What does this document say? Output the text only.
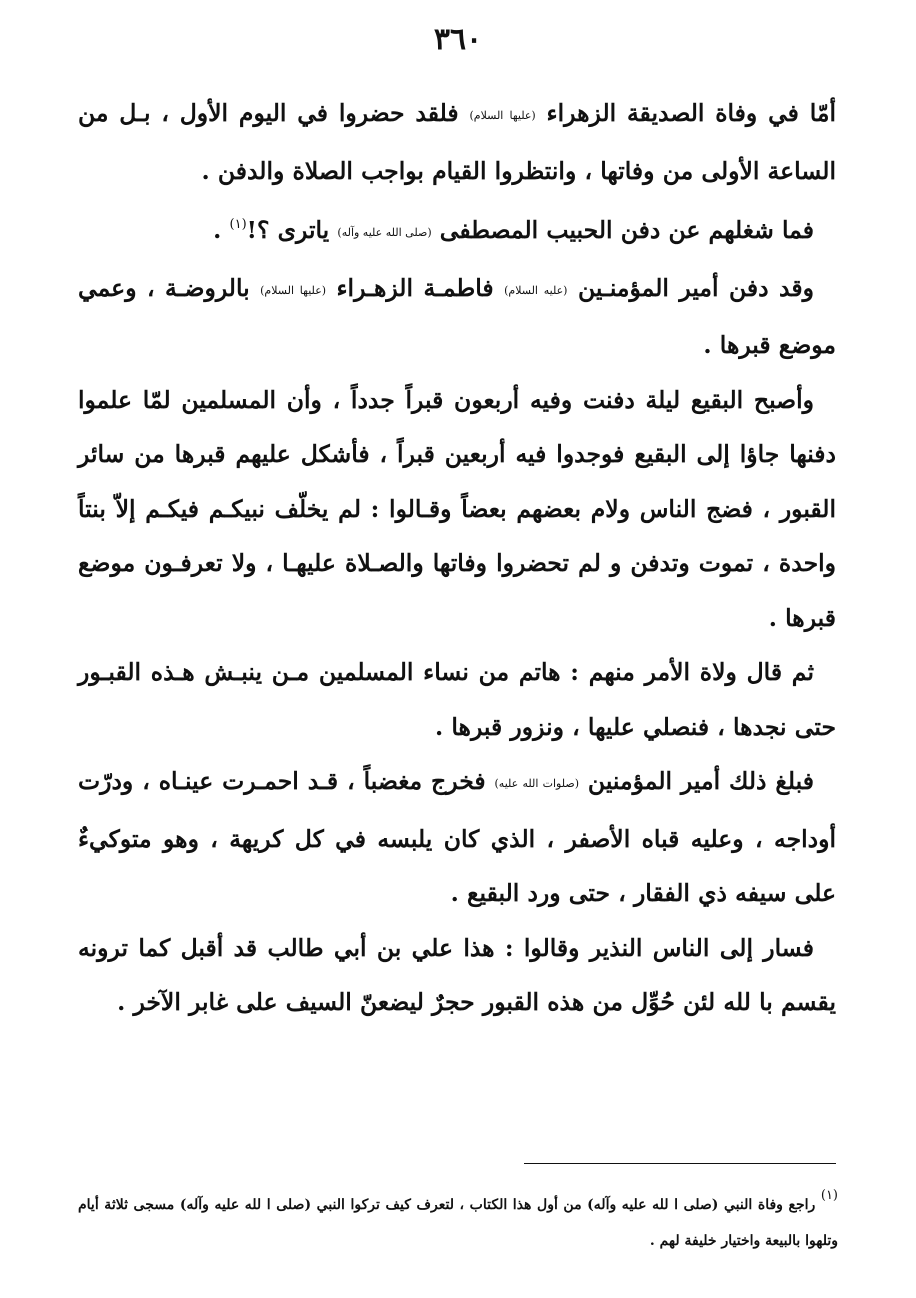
٣٦٠

أمّا في وفاة الصديقة الزهراء (عليها السلام) فلقد حضروا في اليوم الأول ، بـل من الساعة الأولى من وفاتها ، وانتظروا القيام بواجب الصلاة والدفن .

فما شغلهم عن دفن الحبيب المصطفى (صلى الله عليه وآله) ياترى ؟!$^{(١)}$ .

وقد دفن أمير المؤمنـين (عليه السلام) فاطمـة الزهـراء (عليها السلام) بالروضـة ، وعمي موضع قبرها .

وأصبح البقيع ليلة دفنت وفيه أربعون قبراً جدداً ، وأن المسلمين لمّا علموا دفنها جاؤا إلى البقيع فوجدوا فيه أربعين قبراً ، فأشكل عليهم قبرها من سائر القبور ، فضج الناس ولام بعضهم بعضاً وقـالوا : لم يخلّف نبيكـم فيكـم إلاّ بنتاً واحدة ، تموت وتدفن و لم تحضروا وفاتها والصـلاة عليهـا ، ولا تعرفـون موضع قبرها .

ثم قال ولاة الأمر منهم : هاتم من نساء المسلمين مـن ينبـش هـذه القبـور حتى نجدها ، فنصلي عليها ، ونزور قبرها .

فبلغ ذلك أمير المؤمنين (صلوات الله عليه) فخرج مغضباً ، قـد احمـرت عينـاه ، ودرّت أوداجه ، وعليه قباه الأصفر ، الذي كان يلبسه في كل كريهة ، وهو متوكيءٌ على سيفه ذي الفقار ، حتى ورد البقيع .

فسار إلى الناس النذير وقالوا : هذا علي بن أبي طالب قد أقبل كما ترونه يقسم با لله لئن حُوِّل من هذه القبور حجرٌ ليضعنّ السيف على غابر الآخر .

(١) راجع وفاة النبي (صلى ا لله عليه وآله) من أول هذا الكتاب ، لتعرف كيف تركوا النبي (صلى ا لله عليه وآله) مسجى ثلاثة أيام وتلهوا بالبيعة واختيار خليفة لهم .
